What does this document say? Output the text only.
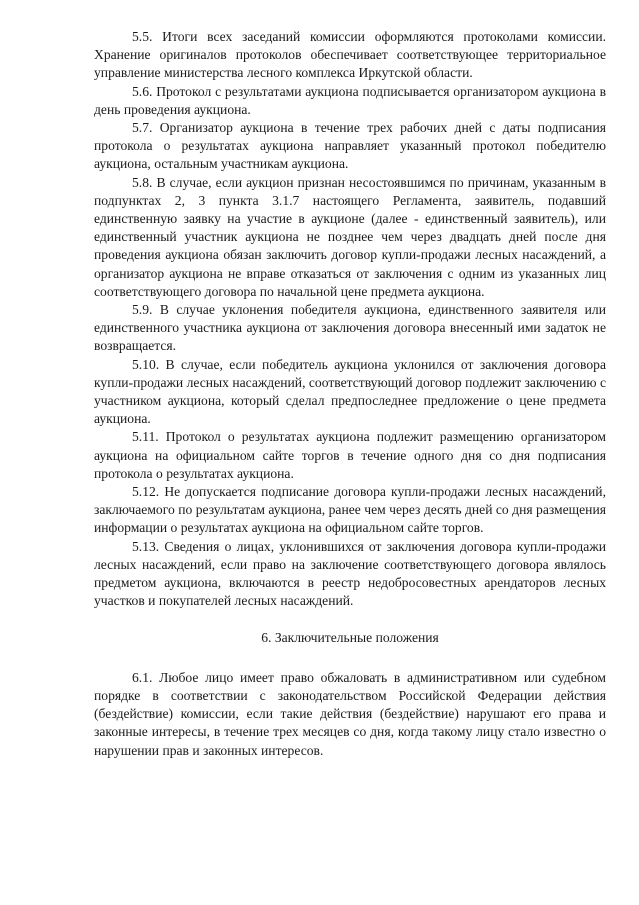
5.5. Итоги всех заседаний комиссии оформляются протоколами комиссии. Хранение оригиналов протоколов обеспечивает соответствующее территориальное управление министерства лесного комплекса Иркутской области.

5.6. Протокол с результатами аукциона подписывается организатором аукциона в день проведения аукциона.

5.7. Организатор аукциона в течение трех рабочих дней с даты подписания протокола о результатах аукциона направляет указанный протокол победителю аукциона, остальным участникам аукциона.

5.8. В случае, если аукцион признан несостоявшимся по причинам, указанным в подпунктах 2, 3 пункта 3.1.7 настоящего Регламента, заявитель, подавший единственную заявку на участие в аукционе (далее - единственный заявитель), или единственный участник аукциона не позднее чем через двадцать дней после дня проведения аукциона обязан заключить договор купли-продажи лесных насаждений, а организатор аукциона не вправе отказаться от заключения с одним из указанных лиц соответствующего договора по начальной цене предмета аукциона.

5.9. В случае уклонения победителя аукциона, единственного заявителя или единственного участника аукциона от заключения договора внесенный ими задаток не возвращается.

5.10. В случае, если победитель аукциона уклонился от заключения договора купли-продажи лесных насаждений, соответствующий договор подлежит заключению с участником аукциона, который сделал предпоследнее предложение о цене предмета аукциона.

5.11. Протокол о результатах аукциона подлежит размещению организатором аукциона на официальном сайте торгов в течение одного дня со дня подписания протокола о результатах аукциона.

5.12. Не допускается подписание договора купли-продажи лесных насаждений, заключаемого по результатам аукциона, ранее чем через десять дней со дня размещения информации о результатах аукциона на официальном сайте торгов.

5.13. Сведения о лицах, уклонившихся от заключения договора купли-продажи лесных насаждений, если право на заключение соответствующего договора являлось предметом аукциона, включаются в реестр недобросовестных арендаторов лесных участков и покупателей лесных насаждений.

6. Заключительные положения

6.1. Любое лицо имеет право обжаловать в административном или судебном порядке в соответствии с законодательством Российской Федерации действия (бездействие) комиссии, если такие действия (бездействие) нарушают его права и законные интересы, в течение трех месяцев со дня, когда такому лицу стало известно о нарушении прав и законных интересов.
